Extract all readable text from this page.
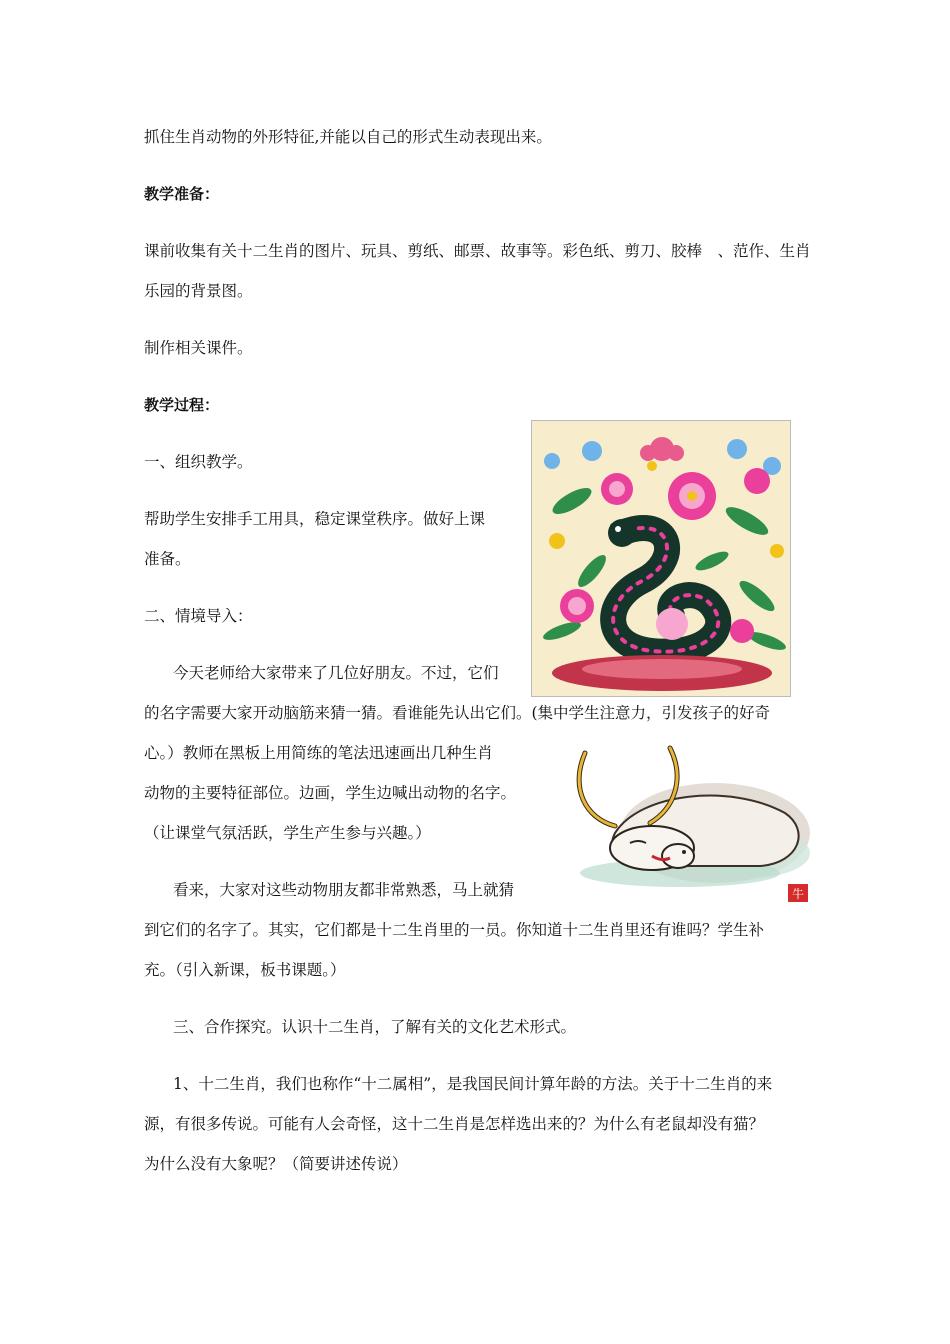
抓住生肖动物的外形特征,并能以自己的形式生动表现出来。

教学准备：

课前收集有关十二生肖的图片、玩具、剪纸、邮票、故事等。彩色纸、剪刀、胶棒　、范作、生肖

乐园的背景图。

制作相关课件。

教学过程：

一、组织教学。

帮助学生安排手工用具，稳定课堂秩序。做好上课

准备。

二、情境导入：

今天老师给大家带来了几位好朋友。不过，它们

的名字需要大家开动脑筋来猜一猜。看谁能先认出它们。(集中学生注意力，引发孩子的好奇

心。）教师在黑板上用简练的笔法迅速画出几种生肖

动物的主要特征部位。边画，学生边喊出动物的名字。

（让课堂气氛活跃，学生产生参与兴趣。）

看来，大家对这些动物朋友都非常熟悉，马上就猜

到它们的名字了。其实，它们都是十二生肖里的一员。你知道十二生肖里还有谁吗？学生补

充。（引入新课，板书课题。）

三、合作探究。认识十二生肖，了解有关的文化艺术形式。

1、十二生肖，我们也称作“十二属相”，是我国民间计算年龄的方法。关于十二生肖的来

源，有很多传说。可能有人会奇怪，这十二生肖是怎样选出来的？为什么有老鼠却没有猫？

为什么没有大象呢？（简要讲述传说）

牛
